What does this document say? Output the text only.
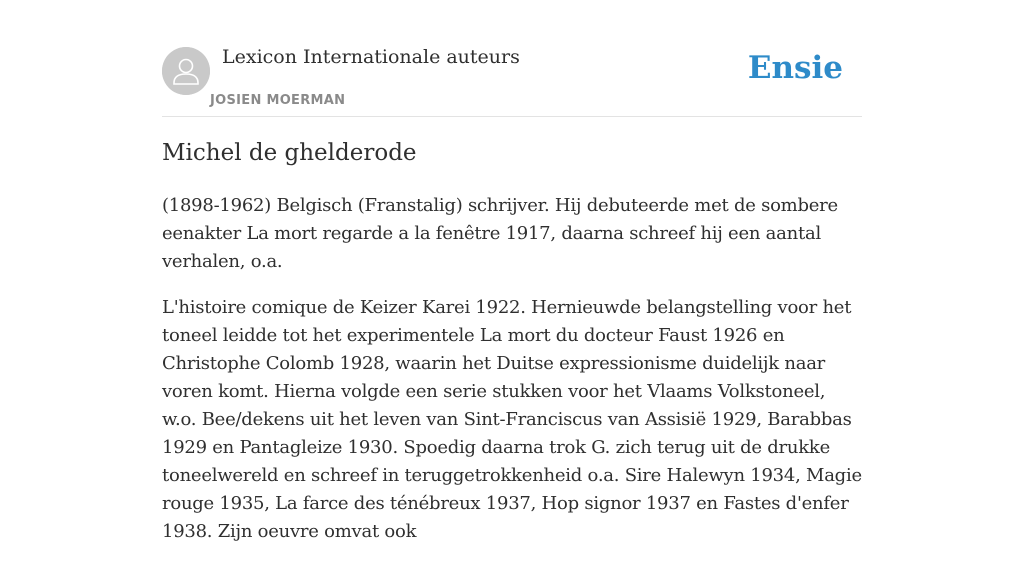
Lexicon Internationale auteurs
JOSIEN MOERMAN
Ensie
Michel de ghelderode

(1898-1962) Belgisch (Franstalig) schrijver. Hij debuteerde met de sombere eenakter La mort regarde a la fenêtre 1917, daarna schreef hij een aantal verhalen, o.a.

L'histoire comique de Keizer Karei 1922. Hernieuwde belangstelling voor het toneel leidde tot het experimentele La mort du docteur Faust 1926 en Christophe Colomb 1928, waarin het Duitse expressionisme duidelijk naar voren komt. Hierna volgde een serie stukken voor het Vlaams Volkstoneel, w.o. Bee/dekens uit het leven van Sint-Franciscus van Assisië 1929, Barabbas 1929 en Pantagleize 1930. Spoedig daarna trok G. zich terug uit de drukke toneelwereld en schreef in teruggetrokkenheid o.a. Sire Halewyn 1934, Magie rouge 1935, La farce des ténébreux 1937, Hop signor 1937 en Fastes d'enfer 1938. Zijn oeuvre omvat ook
